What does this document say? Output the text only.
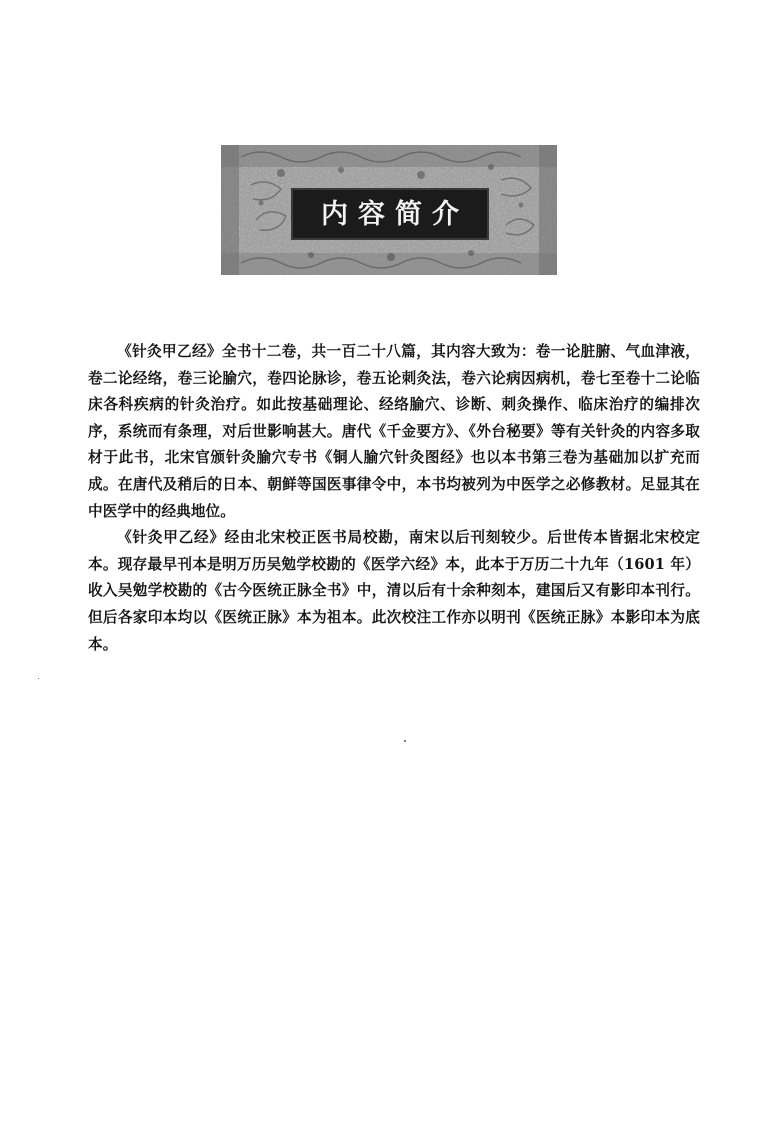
内容简介

《针灸甲乙经》全书十二卷，共一百二十八篇，其内容大致为：卷一论脏腑、气血津液，卷二论经络，卷三论腧穴，卷四论脉诊，卷五论刺灸法，卷六论病因病机，卷七至卷十二论临床各科疾病的针灸治疗。如此按基础理论、经络腧穴、诊断、刺灸操作、临床治疗的编排次序，系统而有条理，对后世影响甚大。唐代《千金要方》、《外台秘要》等有关针灸的内容多取材于此书，北宋官颁针灸腧穴专书《铜人腧穴针灸图经》也以本书第三卷为基础加以扩充而成。在唐代及稍后的日本、朝鲜等国医事律令中，本书均被列为中医学之必修教材。足显其在中医学中的经典地位。

《针灸甲乙经》经由北宋校正医书局校勘，南宋以后刊刻较少。后世传本皆据北宋校定本。现存最早刊本是明万历吴勉学校勘的《医学六经》本，此本于万历二十九年（1601 年）收入吴勉学校勘的《古今医统正脉全书》中，清以后有十余种刻本，建国后又有影印本刊行。但后各家印本均以《医统正脉》本为祖本。此次校注工作亦以明刊《医统正脉》本影印本为底本。
